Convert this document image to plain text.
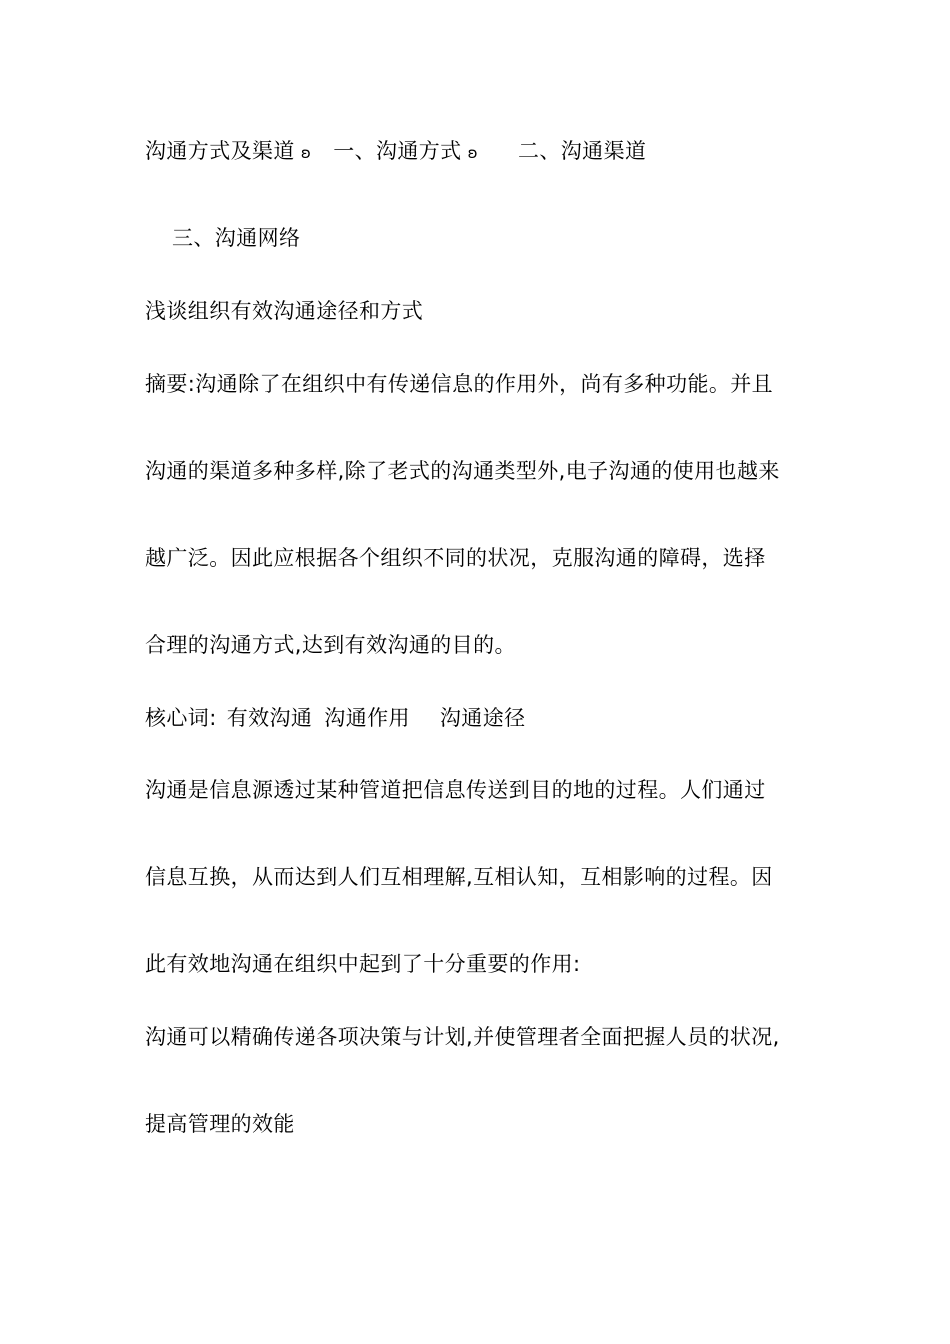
沟通方式及渠道 ʚ 一、沟通方式 ʚ 二、沟通渠道
三、沟通网络
浅谈组织有效沟通途径和方式
摘要:沟通除了在组织中有传递信息的作用外，尚有多种功能。并且
沟通的渠道多种多样,除了老式的沟通类型外,电子沟通的使用也越来
越广泛。因此应根据各个组织不同的状况，克服沟通的障碍，选择
合理的沟通方式,达到有效沟通的目的。
核心词: 有效沟通 沟通作用 沟通途径
沟通是信息源透过某种管道把信息传送到目的地的过程。人们通过
信息互换，从而达到人们互相理解,互相认知，互相影响的过程。因
此有效地沟通在组织中起到了十分重要的作用:
沟通可以精确传递各项决策与计划,并使管理者全面把握人员的状况,
提高管理的效能
